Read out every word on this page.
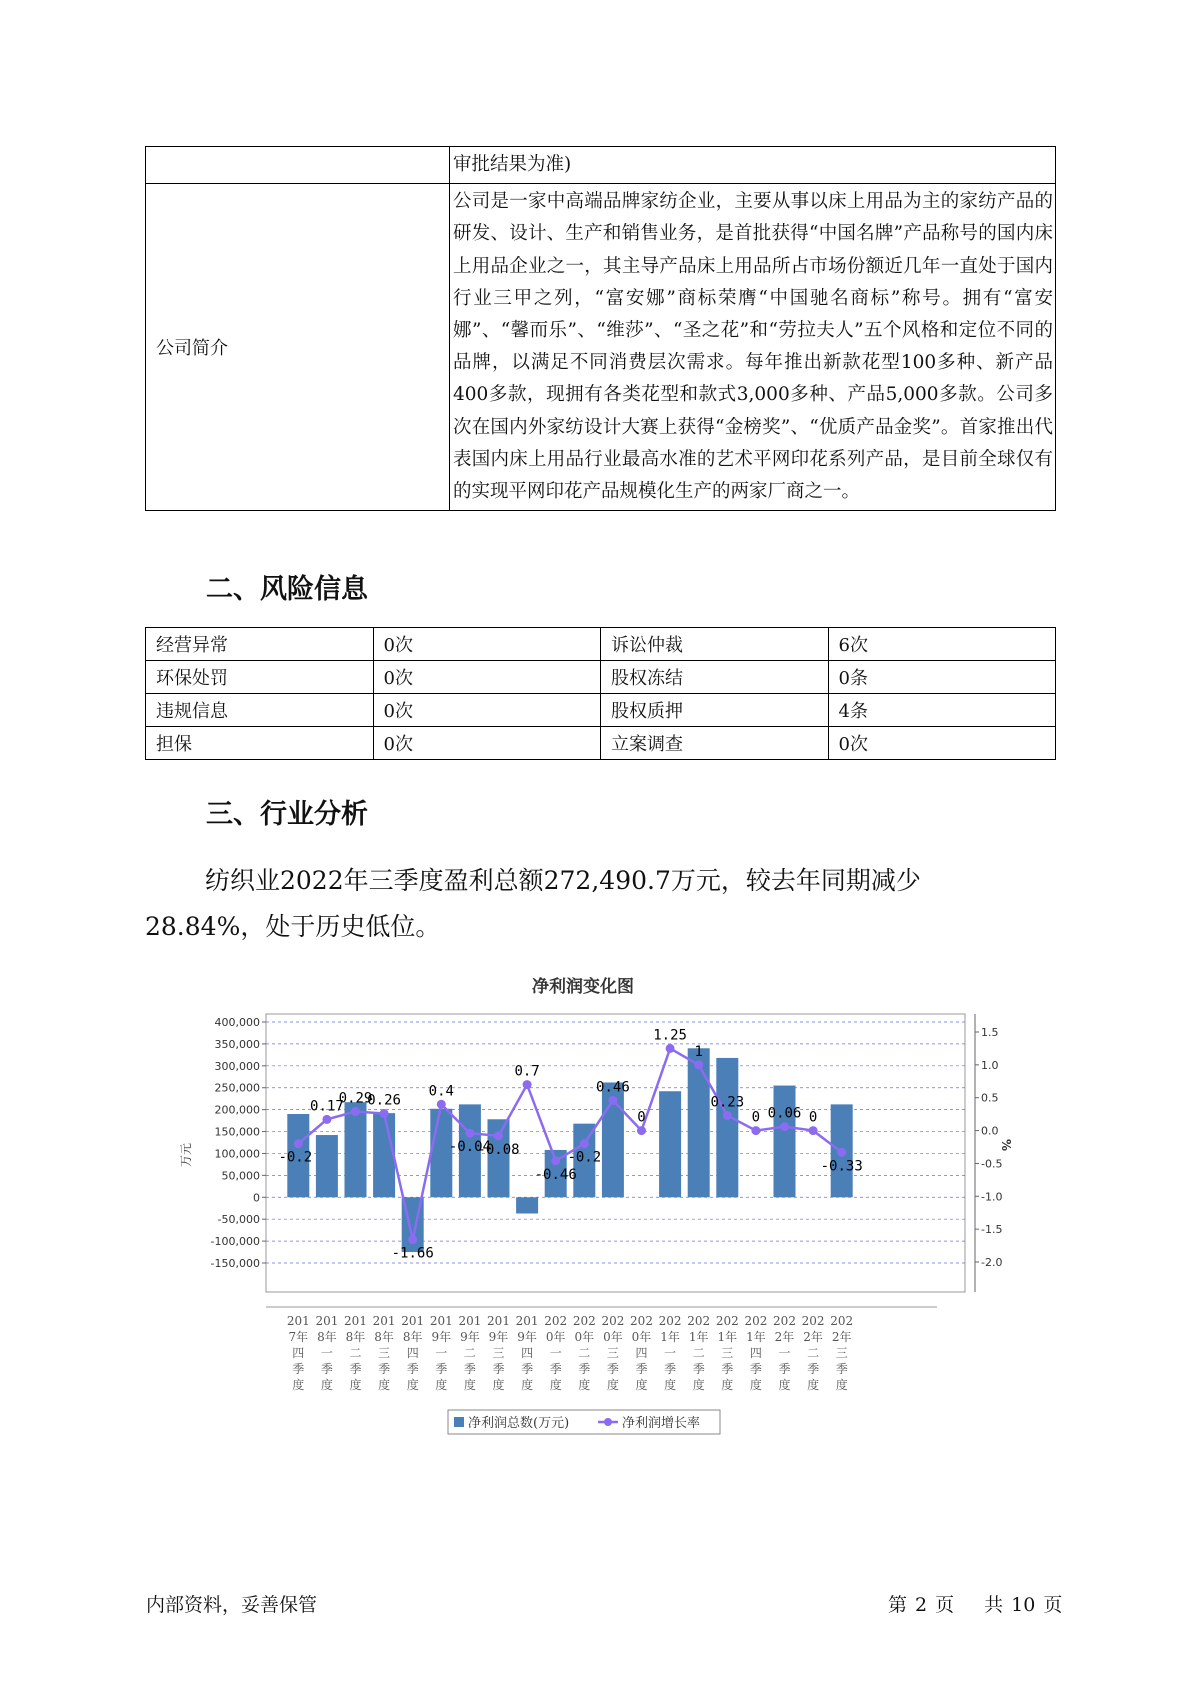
	审批结果为准)
公司简介	公司是一家中高端品牌家纺企业，主要从事以床上用品为主的家纺产品的研发、设计、生产和销售业务，是首批获得“中国名牌”产品称号的国内床上用品企业之一，其主导产品床上用品所占市场份额近几年一直处于国内行业三甲之列，“富安娜”商标荣膺“中国驰名商标”称号。拥有“富安娜”、“馨而乐”、“维莎”、“圣之花”和“劳拉夫人”五个风格和定位不同的品牌，以满足不同消费层次需求。每年推出新款花型100多种、新产品400多款，现拥有各类花型和款式3,000多种、产品5,000多款。公司多次在国内外家纺设计大赛上获得“金榜奖”、“优质产品金奖”。首家推出代表国内床上用品行业最高水准的艺术平网印花系列产品，是目前全球仅有的实现平网印花产品规模化生产的两家厂商之一。

二、风险信息
经营异常	0次	诉讼仲裁	6次
环保处罚	0次	股权冻结	0条
违规信息	0次	股权质押	4条
担保	0次	立案调查	0次
三、行业分析

纺织业2022年三季度盈利总额272,490.7万元，较去年同期减少28.84%，处于历史低位。

净利润变化图
400,000
350,000
300,000
250,000
200,000
150,000
100,000
50,000
0
-50,000
-100,000
-150,000
1.5
1.0
0.5
0.0
-0.5
-1.0
-1.5
-2.0
万元	%
-0.2
0.17
0.29
0.26
-1.66
0.4
-0.04
-0.08
0.7
-0.46
-0.2
0.46
0
1.25
1
0.23
0 0.06 0
-0.33
201
7年
四
季
度
201
8年
一
季
度
201
8年
二
季
度
201
8年
三
季
度
201
8年
四
季
度
201
9年
一
季
度
201
9年
二
季
度
201
9年
三
季
度
201
9年
四
季
度
202
0年
一
季
度
202
0年
二
季
度
202
0年
三
季
度
202
0年
四
季
度
202
1年
一
季
度
202
1年
二
季
度
202
1年
三
季
度
202
1年
四
季
度
202
2年
一
季
度
202
2年
二
季
度
202
2年
三
季
度
净利润总数(万元)	净利润增长率
内部资料，妥善保管	第 2 页 共 10 页
